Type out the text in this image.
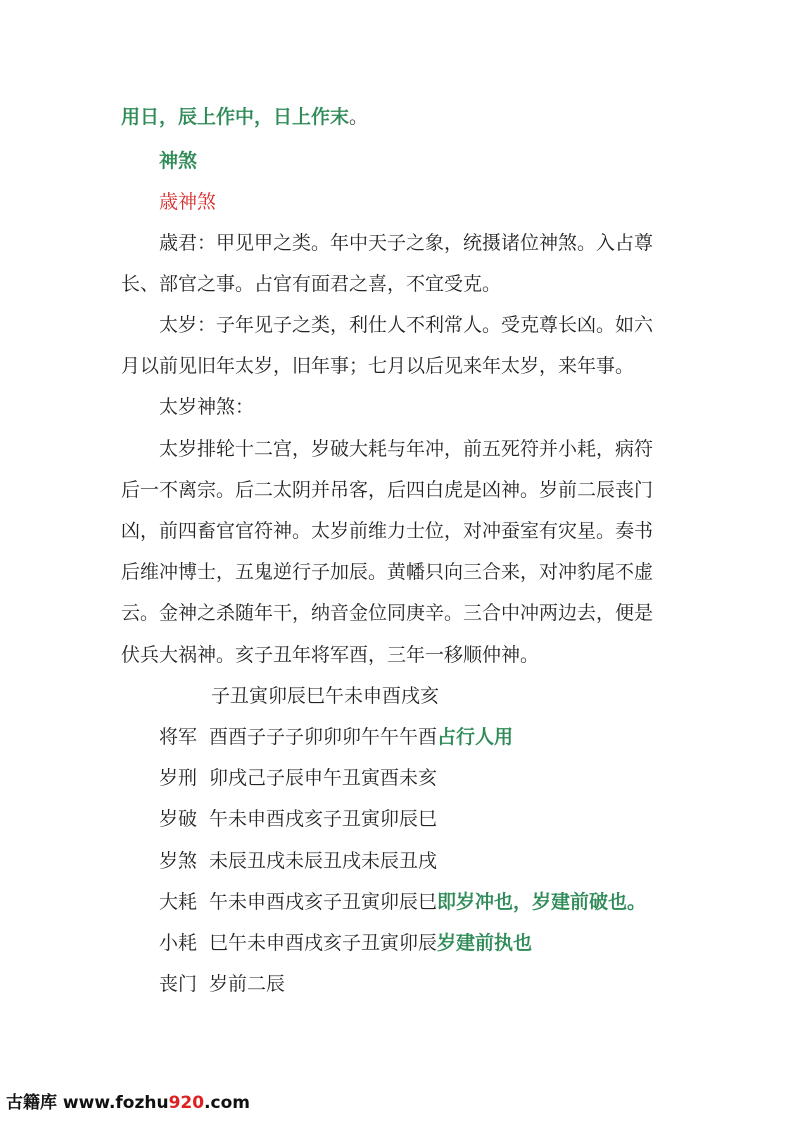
用日，辰上作中，日上作末。
神煞
歳神煞
歳君：甲见甲之类。年中天子之象，统摄诸位神煞。入占尊
长、部官之事。占官有面君之喜，不宜受克。
太岁：子年见子之类，利仕人不利常人。受克尊长凶。如六
月以前见旧年太岁，旧年事；七月以后见来年太岁，来年事。
太岁神煞：
太岁排轮十二宫，岁破大耗与年冲，前五死符并小耗，病符
后一不离宗。后二太阴并吊客，后四白虎是凶神。岁前二辰丧门
凶，前四畜官官符神。太岁前维力士位，对冲蚕室有灾星。奏书
后维冲博士，五鬼逆行子加辰。黄幡只向三合来，对冲豹尾不虚
云。金神之杀随年干，纳音金位同庚辛。三合中冲两边去，便是
伏兵大祸神。亥子丑年将军酉，三年一移顺仲神。
子丑寅卯辰巳午未申酉戌亥
将军 酉酉子子子卯卯卯午午午酉占行人用
岁刑 卯戌己子辰申午丑寅酉未亥
岁破 午未申酉戌亥子丑寅卯辰巳
岁煞 未辰丑戌未辰丑戌未辰丑戌
大耗 午未申酉戌亥子丑寅卯辰巳即岁冲也，岁建前破也。
小耗 巳午未申酉戌亥子丑寅卯辰岁建前执也
丧门 岁前二辰
古籍库 www.fozhu920.com
